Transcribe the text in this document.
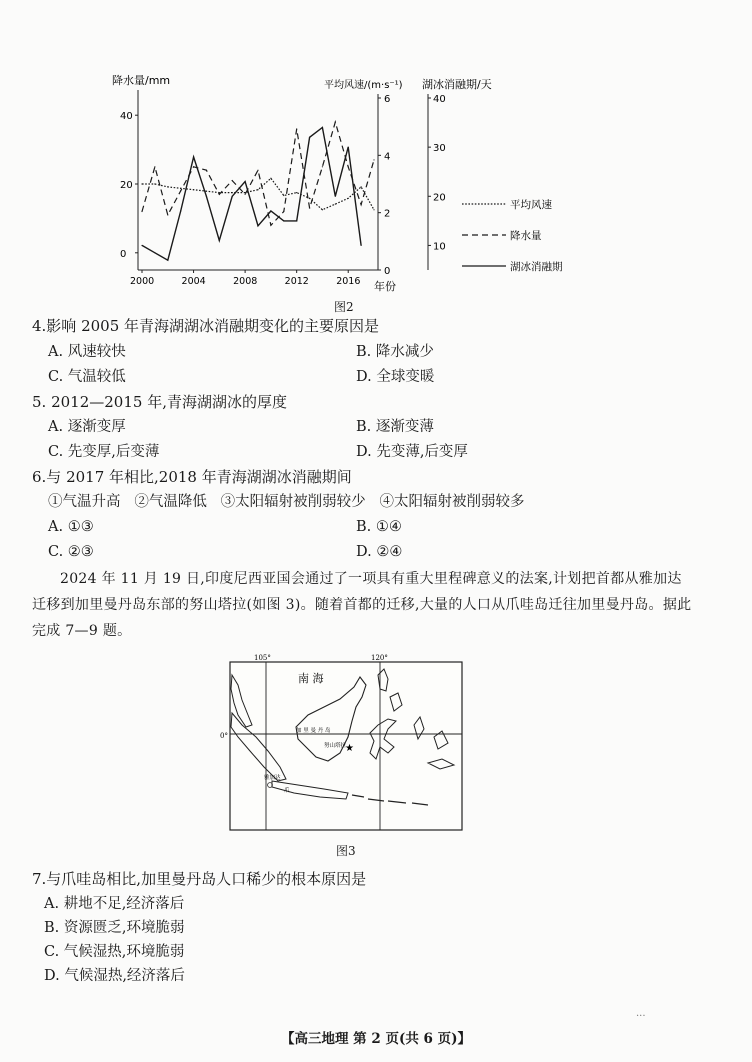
降水量/mm	平均风速/(m·s⁻¹) 湖冰消融期/天
年份
2000	2004	2008	2012	2016
0
20
40
0
2
4
6
10
20
30
40
平均风速
降水量
湖冰消融期
图2
4.影响 2005 年青海湖湖冰消融期变化的主要原因是
A. 风速较快	B. 降水减少
C. 气温较低	D. 全球变暖
5. 2012—2015 年,青海湖湖冰的厚度
A. 逐渐变厚	B. 逐渐变薄
C. 先变厚,后变薄	D. 先变薄,后变厚
6.与 2017 年相比,2018 年青海湖湖冰消融期间
①气温升高   ②气温降低   ③太阳辐射被削弱较少   ④太阳辐射被削弱较多
A. ①③	B. ①④
C. ②③	D. ②④
2024 年 11 月 19 日,印度尼西亚国会通过了一项具有重大里程碑意义的法案,计划把首都从雅加达迁移到加里曼丹岛东部的努山塔拉(如图 3)。随着首都的迁移,大量的人口从爪哇岛迁往加里曼丹岛。据此完成 7—9 题。
105°	120°
0°
南 海
加 里 曼 丹 岛
努山塔拉
★
雅加达
爪
图3
7.与爪哇岛相比,加里曼丹岛人口稀少的根本原因是
A. 耕地不足,经济落后
B. 资源匮乏,环境脆弱
C. 气候湿热,环境脆弱
D. 气候湿热,经济落后
...
【高三地理 第 2 页(共 6 页)】
